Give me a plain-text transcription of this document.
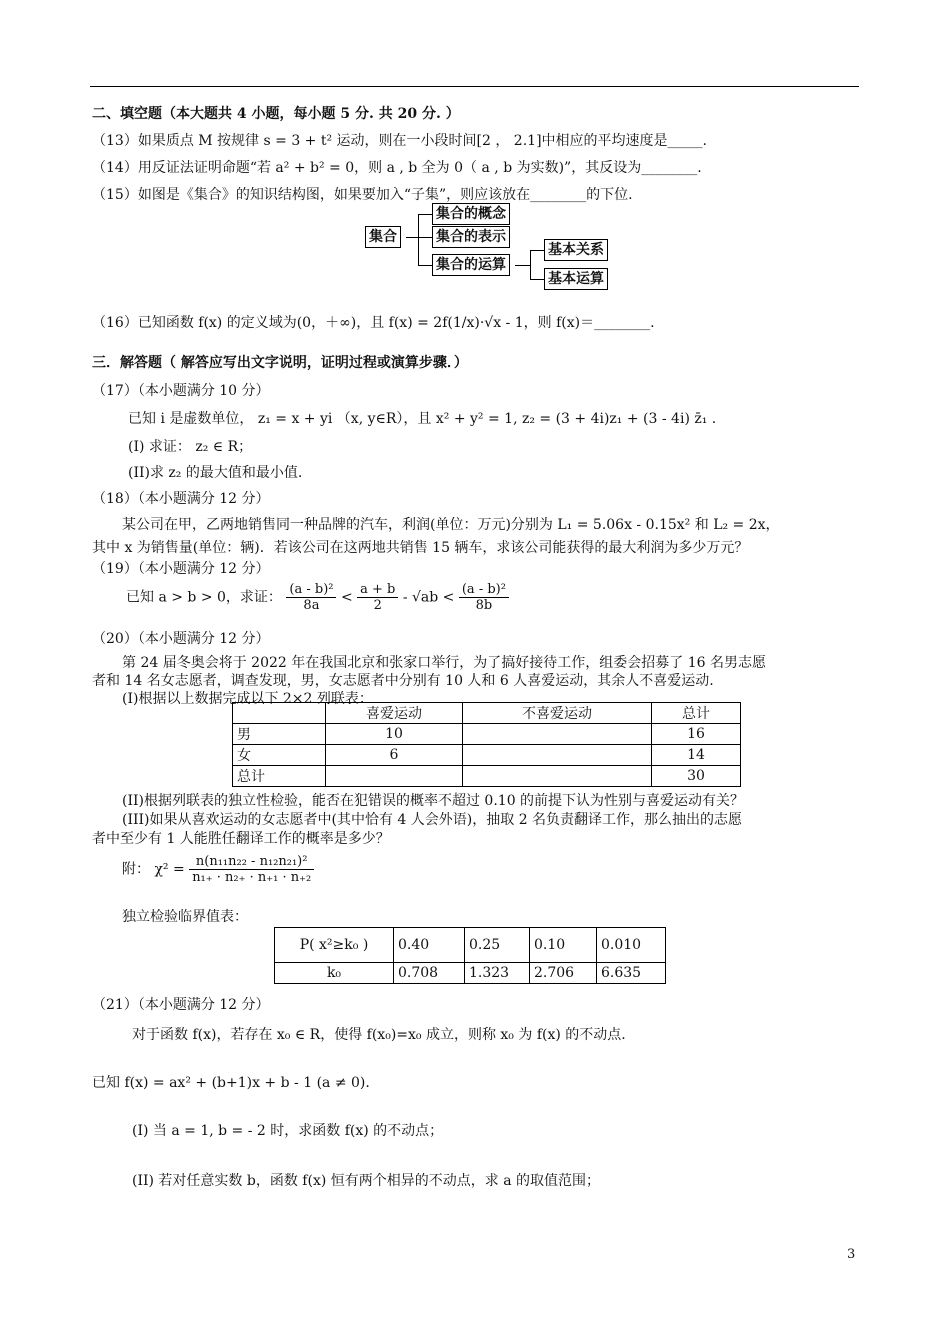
二、填空题（本大题共 4 小题，每小题 5 分. 共 20 分. ）
（13）如果质点 M 按规律 s = 3 + t² 运动，则在一小段时间[2 ， 2.1]中相应的平均速度是_____.
（14）用反证法证明命题“若 a² + b² = 0，则 a , b 全为 0（ a , b 为实数)”，其反设为________.
（15）如图是《集合》的知识结构图，如果要加入“子集”，则应该放在________的下位.
集合
集合的概念
集合的表示
集合的运算
基本关系
基本运算
（16）已知函数 f(x) 的定义域为(0，＋∞)，且 f(x) = 2f(1/x)·√x - 1，则 f(x)＝________.
三．解答题（ 解答应写出文字说明，证明过程或演算步骤．）
（17）（本小题满分 10 分）
已知 i 是虚数单位， z₁ = x + yi （x, y∈R），且 x² + y² = 1, z₂ = (3 + 4i)z₁ + (3 - 4i) z̄₁ .
(I) 求证： z₂ ∈ R；
(II)求 z₂ 的最大值和最小值.
（18）（本小题满分 12 分）
某公司在甲，乙两地销售同一种品牌的汽车，利润(单位：万元)分别为 L₁ = 5.06x - 0.15x² 和 L₂ = 2x，
其中 x 为销售量(单位：辆)．若该公司在这两地共销售 15 辆车，求该公司能获得的最大利润为多少万元？
（19）（本小题满分 12 分）
已知 a > b > 0，求证： $\frac{\text{(a - b)²}}{8a} < \frac{a + b}{2} - √ab < \frac{\text{(a - b)²}}{8b}$
（20）（本小题满分 12 分）
第 24 届冬奥会将于 2022 年在我国北京和张家口举行，为了搞好接待工作，组委会招募了 16 名男志愿
者和 14 名女志愿者，调查发现，男，女志愿者中分别有 10 人和 6 人喜爱运动，其余人不喜爱运动.
(I)根据以上数据完成以下 2×2 列联表：
	喜爱运动	不喜爱运动	总计
男	10		16
女	6		14
总计			30
(II)根据列联表的独立性检验，能否在犯错误的概率不超过 0.10 的前提下认为性别与喜爱运动有关？
(III)如果从喜欢运动的女志愿者中(其中恰有 4 人会外语)，抽取 2 名负责翻译工作，那么抽出的志愿
者中至少有 1 人能胜任翻译工作的概率是多少？
附： $\chi^2 = \frac{\text{n(n₁₁n₂₂ - n₁₂n₂₁)²}}{\text{n₁₊ · n₂₊ · n₊₁ · n₊₂}}$
独立检验临界值表：
P( x²≥k₀ )	0.40	0.25	0.10	0.010
k₀	0.708	1.323	2.706	6.635
（21）（本小题满分 12 分）
对于函数 f(x)，若存在 x₀ ∈ R，使得 f(x₀)=x₀ 成立，则称 x₀ 为 f(x) 的不动点.
已知 f(x) = ax² + (b+1)x + b - 1 (a ≠ 0).
(I) 当 a = 1, b = - 2 时，求函数 f(x) 的不动点；
(II) 若对任意实数 b，函数 f(x) 恒有两个相异的不动点，求 a 的取值范围；
3
